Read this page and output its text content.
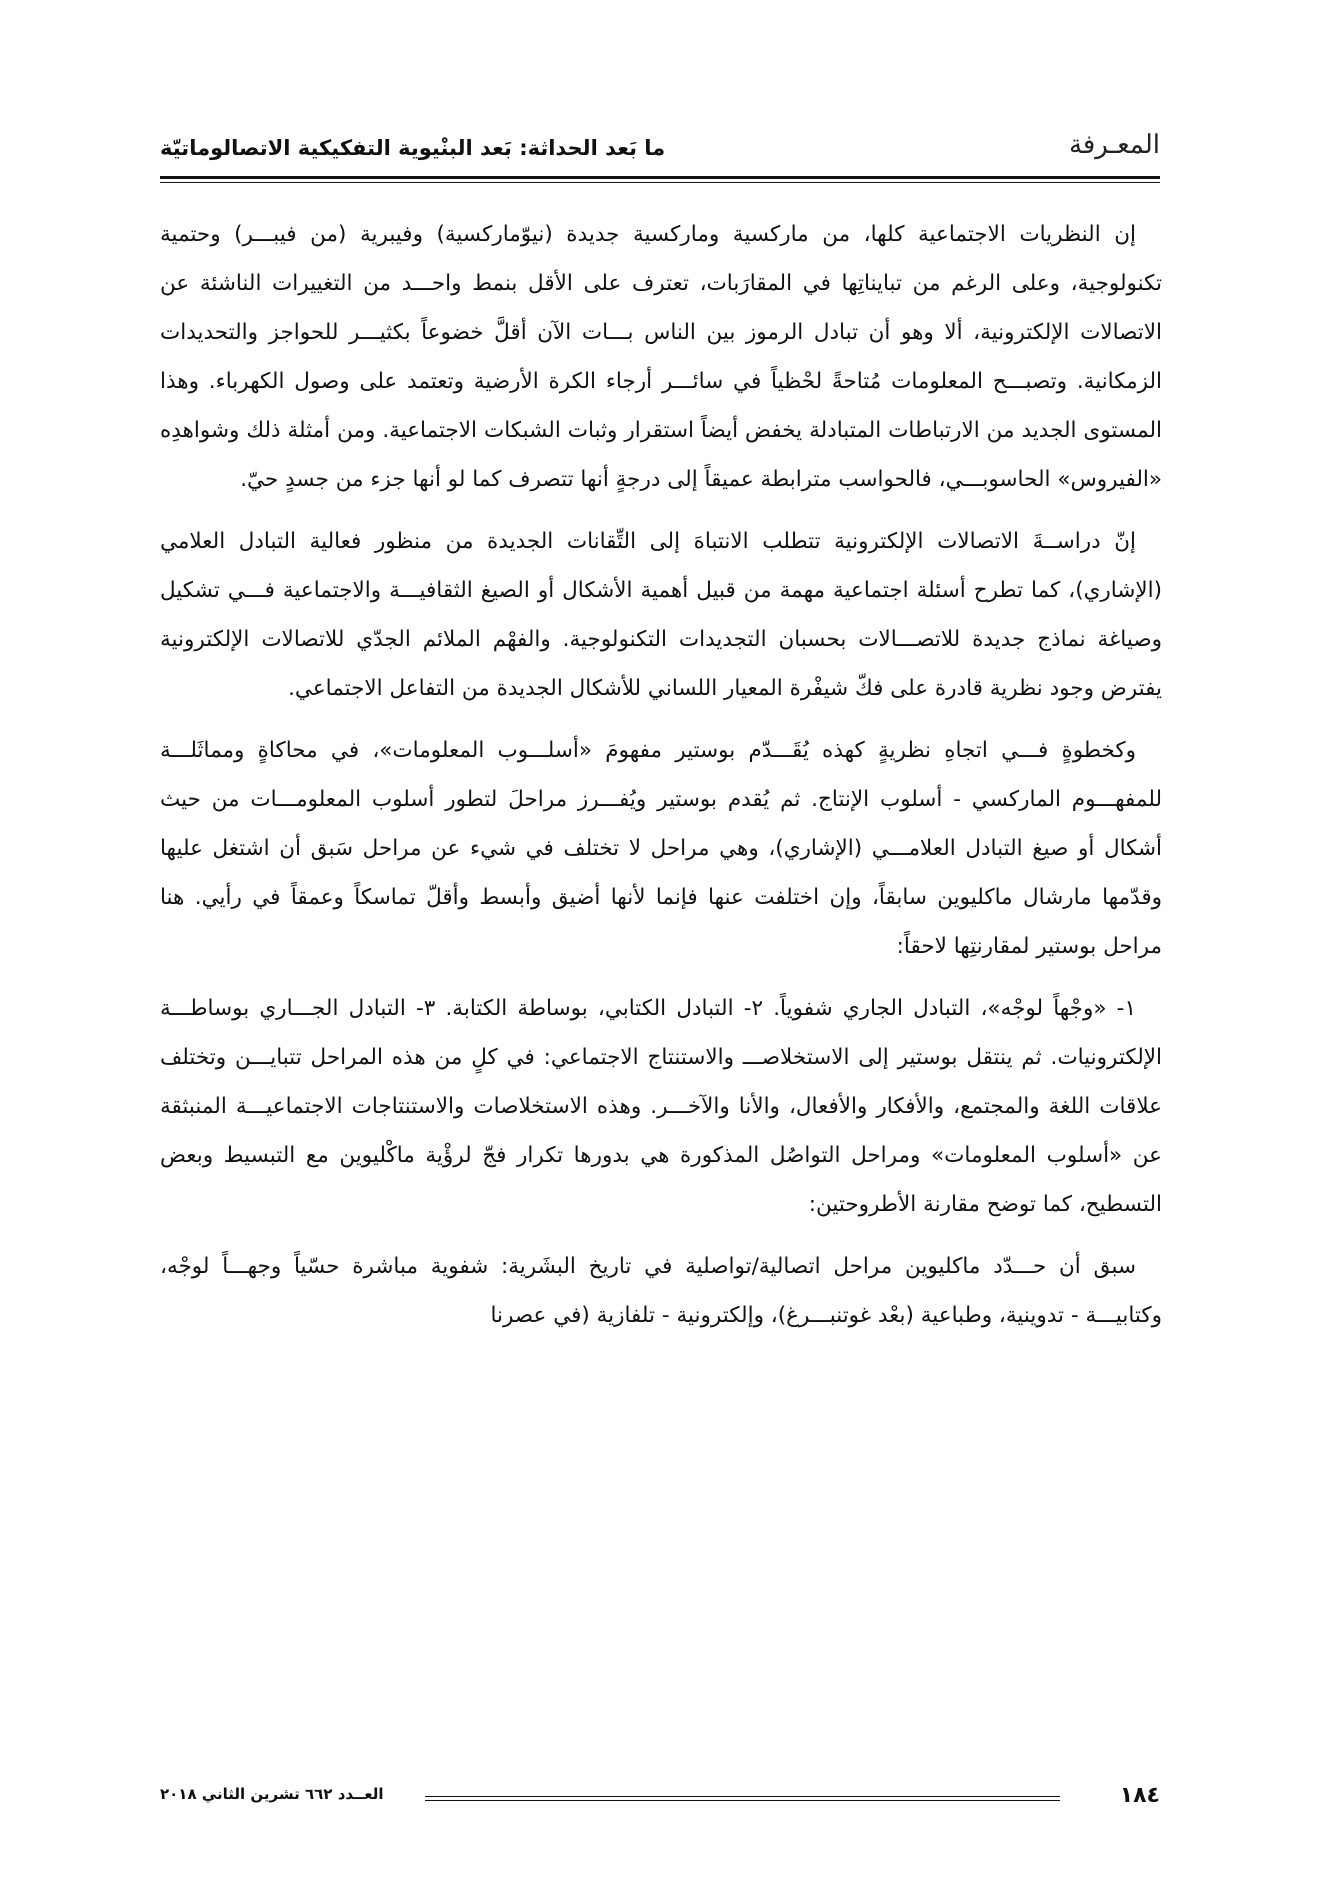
المعـرفة
ما بَعد الحداثة: بَعد البنْيوية التفكيكية الاتصالوماتيّة

إن النظريات الاجتماعية كلها، من ماركسية وماركسية جديدة (نيوّماركسية) وفيبرية (من فيبـــر) وحتمية تكنولوجية، وعلى الرغم من تبايناتِها في المقارَبات، تعترف على الأقل بنمط واحـــد من التغييرات الناشئة عن الاتصالات الإلكترونية، ألا وهو أن تبادل الرموز بين الناس بـــات الآن أقلَّ خضوعاً بكثيـــر للحواجز والتحديدات الزمكانية. وتصبـــح المعلومات مُتاحةً لحْظياً في سائـــر أرجاء الكرة الأرضية وتعتمد على وصول الكهرباء. وهذا المستوى الجديد من الارتباطات المتبادلة يخفض أيضاً استقرار وثبات الشبكات الاجتماعية. ومن أمثلة ذلك وشواهدِه «الفيروس» الحاسوبـــي، فالحواسب مترابطة عميقاً إلى درجةٍ أنها تتصرف كما لو أنها جزء من جسدٍ حيّ.

إنّ دراســةَ الاتصالات الإلكترونية تتطلب الانتباهَ إلى التِّقانات الجديدة من منظور فعالية التبادل العلامي (الإشاري)، كما تطرح أسئلة اجتماعية مهمة من قبيل أهمية الأشكال أو الصيغ الثقافيـــة والاجتماعية فـــي تشكيل وصياغة نماذج جديدة للاتصـــالات بحسبان التجديدات التكنولوجية. والفهْم الملائم الجدّي للاتصالات الإلكترونية يفترض وجود نظرية قادرة على فكّ شيفْرة المعيار اللساني للأشكال الجديدة من التفاعل الاجتماعي.

وكخطوةٍ فـــي اتجاهِ نظريةٍ كهذه يُقَـــدّم بوستير مفهومَ «أسلـــوب المعلومات»، في محاكاةٍ ومماثَلـــة للمفهـــوم الماركسي - أسلوب الإنتاج. ثم يُقدم بوستير ويُفـــرز مراحلَ لتطور أسلوب المعلومـــات من حيث أشكال أو صيغ التبادل العلامـــي (الإشاري)، وهي مراحل لا تختلف في شيء عن مراحل سَبق أن اشتغل عليها وقدّمها مارشال ماكليوين سابقاً، وإن اختلفت عنها فإنما لأنها أضيق وأبسط وأقلّ تماسكاً وعمقاً في رأيي. هنا مراحل بوستير لمقارنتِها لاحقاً:

١- «وجْهاً لوجْه»، التبادل الجاري شفوياً. ٢- التبادل الكتابي، بوساطة الكتابة. ٣- التبادل الجـــاري بوساطـــة الإلكترونيات. ثم ينتقل بوستير إلى الاستخلاصـــ والاستنتاج الاجتماعي: في كلٍ من هذه المراحل تتبايـــن وتختلف علاقات اللغة والمجتمع، والأفكار والأفعال، والأنا والآخـــر. وهذه الاستخلاصات والاستنتاجات الاجتماعيـــة المنبثقة عن «أسلوب المعلومات» ومراحل التواصُل المذكورة هي بدورها تكرار فجّ لرؤْية ماكْليوين مع التبسيط وبعض التسطيح، كما توضح مقارنة الأطروحتين:

سبق أن حـــدّد ماكليوين مراحل اتصالية/تواصلية في تاريخ البشَرية: شفوية مباشرة حسّياً وجهـــاً لوجْه، وكتابيـــة - تدوينية، وطباعية (بعْد غوتنبـــرغ)، وإلكترونية - تلفازية (في عصرنا

١٨٤
العــدد ٦٦٢ تشرين الثاني ٢٠١٨
